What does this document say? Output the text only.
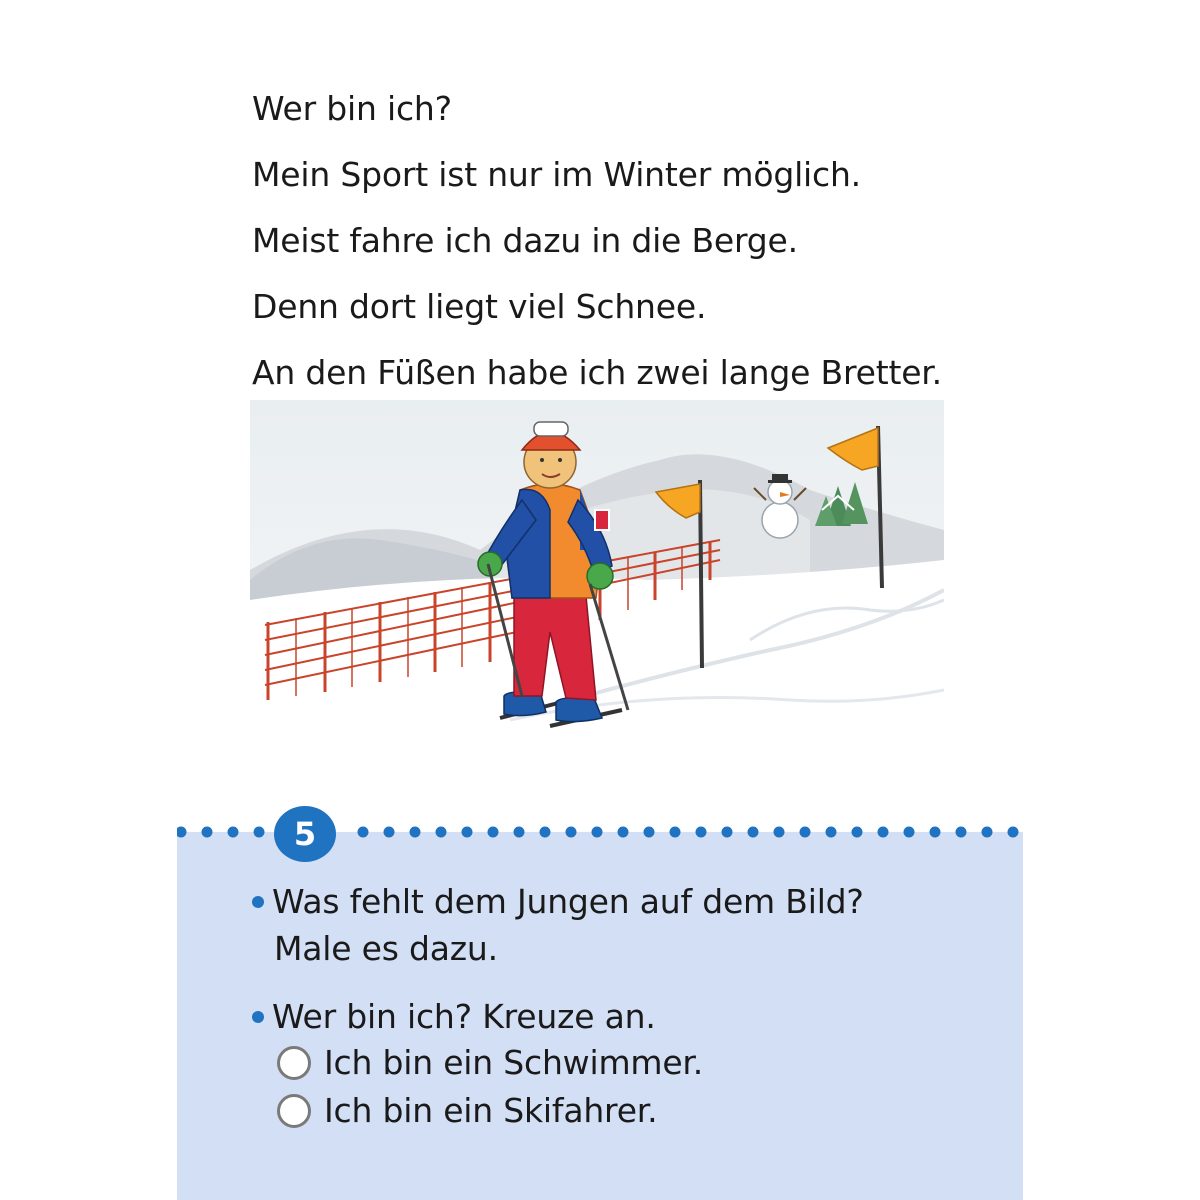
Wer bin ich?
Mein Sport ist nur im Winter möglich.
Meist fahre ich dazu in die Berge.
Denn dort liegt viel Schnee.
An den Füßen habe ich zwei lange Bretter.
5
Was fehlt dem Jungen auf dem Bild?
Male es dazu.
Wer bin ich? Kreuze an.
Ich bin ein Schwimmer.
Ich bin ein Skifahrer.
